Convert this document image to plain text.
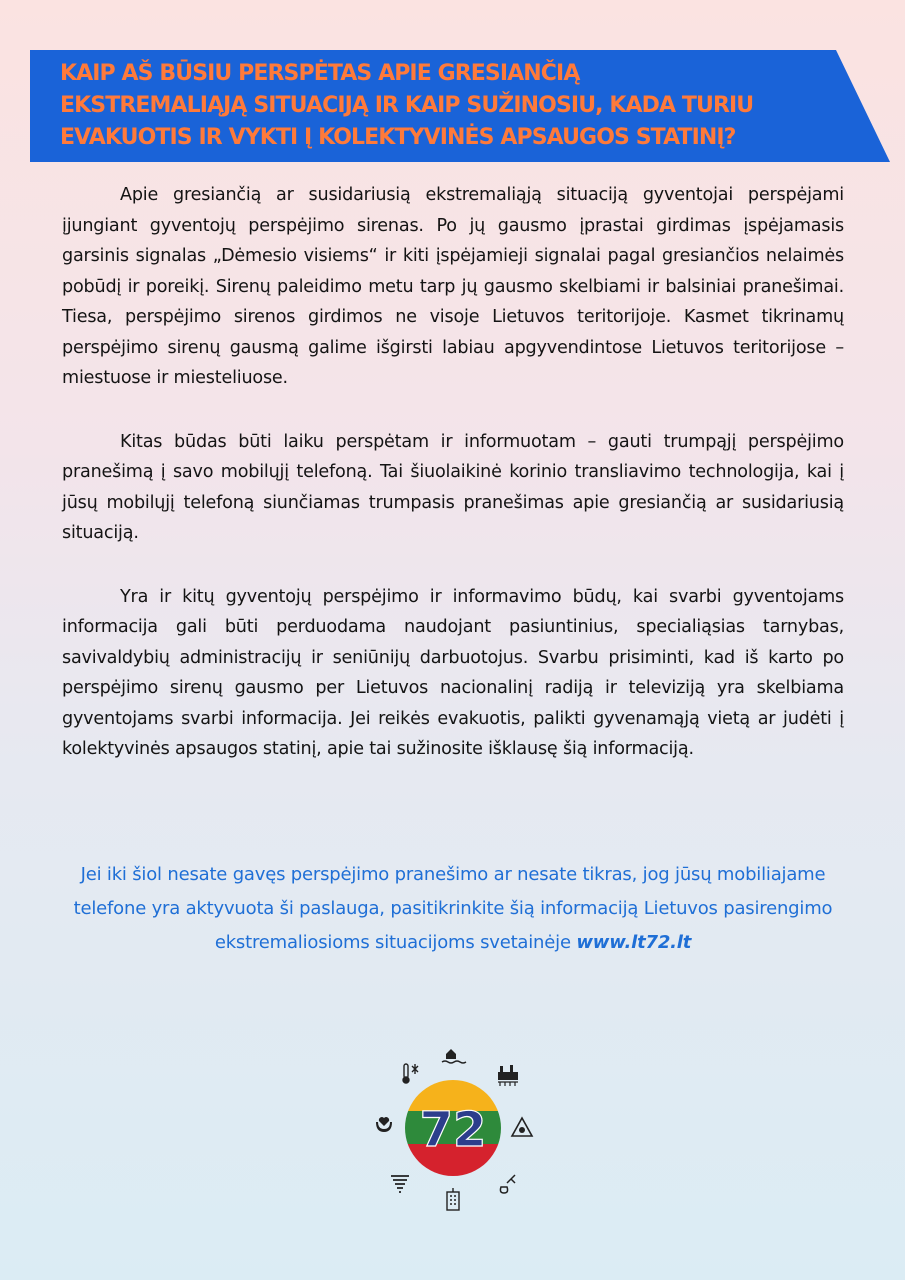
KAIP AŠ BŪSIU PERSPĖTAS APIE GRESIANČIĄ
EKSTREMALIĄJĄ SITUACIJĄ IR KAIP SUŽINOSIU, KADA TURIU
EVAKUOTIS IR VYKTI Į KOLEKTYVINĖS APSAUGOS STATINĮ?

Apie gresiančią ar susidariusią ekstremaliąją situaciją gyventojai perspėjami įjungiant gyventojų perspėjimo sirenas. Po jų gausmo įprastai girdimas įspėjamasis garsinis signalas „Dėmesio visiems“ ir kiti įspėjamieji signalai pagal gresiančios nelaimės pobūdį ir poreikį. Sirenų paleidimo metu tarp jų gausmo skelbiami ir balsiniai pranešimai. Tiesa, perspėjimo sirenos girdimos ne visoje Lietuvos teritorijoje. Kasmet tikrinamų perspėjimo sirenų gausmą galime išgirsti labiau apgyvendintose Lietuvos teritorijose – miestuose ir miesteliuose.

Kitas būdas būti laiku perspėtam ir informuotam – gauti trumpąjį perspėjimo pranešimą į savo mobilųjį telefoną. Tai šiuolaikinė korinio transliavimo technologija, kai į jūsų mobilųjį telefoną siunčiamas trumpasis pranešimas apie gresiančią ar susidariusią situaciją.

Yra ir kitų gyventojų perspėjimo ir informavimo būdų, kai svarbi gyventojams informacija gali būti perduodama naudojant pasiuntinius, specialiąsias tarnybas, savivaldybių administracijų ir seniūnijų darbuotojus. Svarbu prisiminti, kad iš karto po perspėjimo sirenų gausmo per Lietuvos nacionalinį radiją ir televiziją yra skelbiama gyventojams svarbi informacija. Jei reikės evakuotis, palikti gyvenamąją vietą ar judėti į kolektyvinės apsaugos statinį, apie tai sužinosite išklausę šią informaciją.

Jei iki šiol nesate gavęs perspėjimo pranešimo ar nesate tikras, jog jūsų mobiliajame telefone yra aktyvuota ši paslauga, pasitikrinkite šią informaciją Lietuvos pasirengimo ekstremaliosioms situacijoms svetainėje www.lt72.lt
72
